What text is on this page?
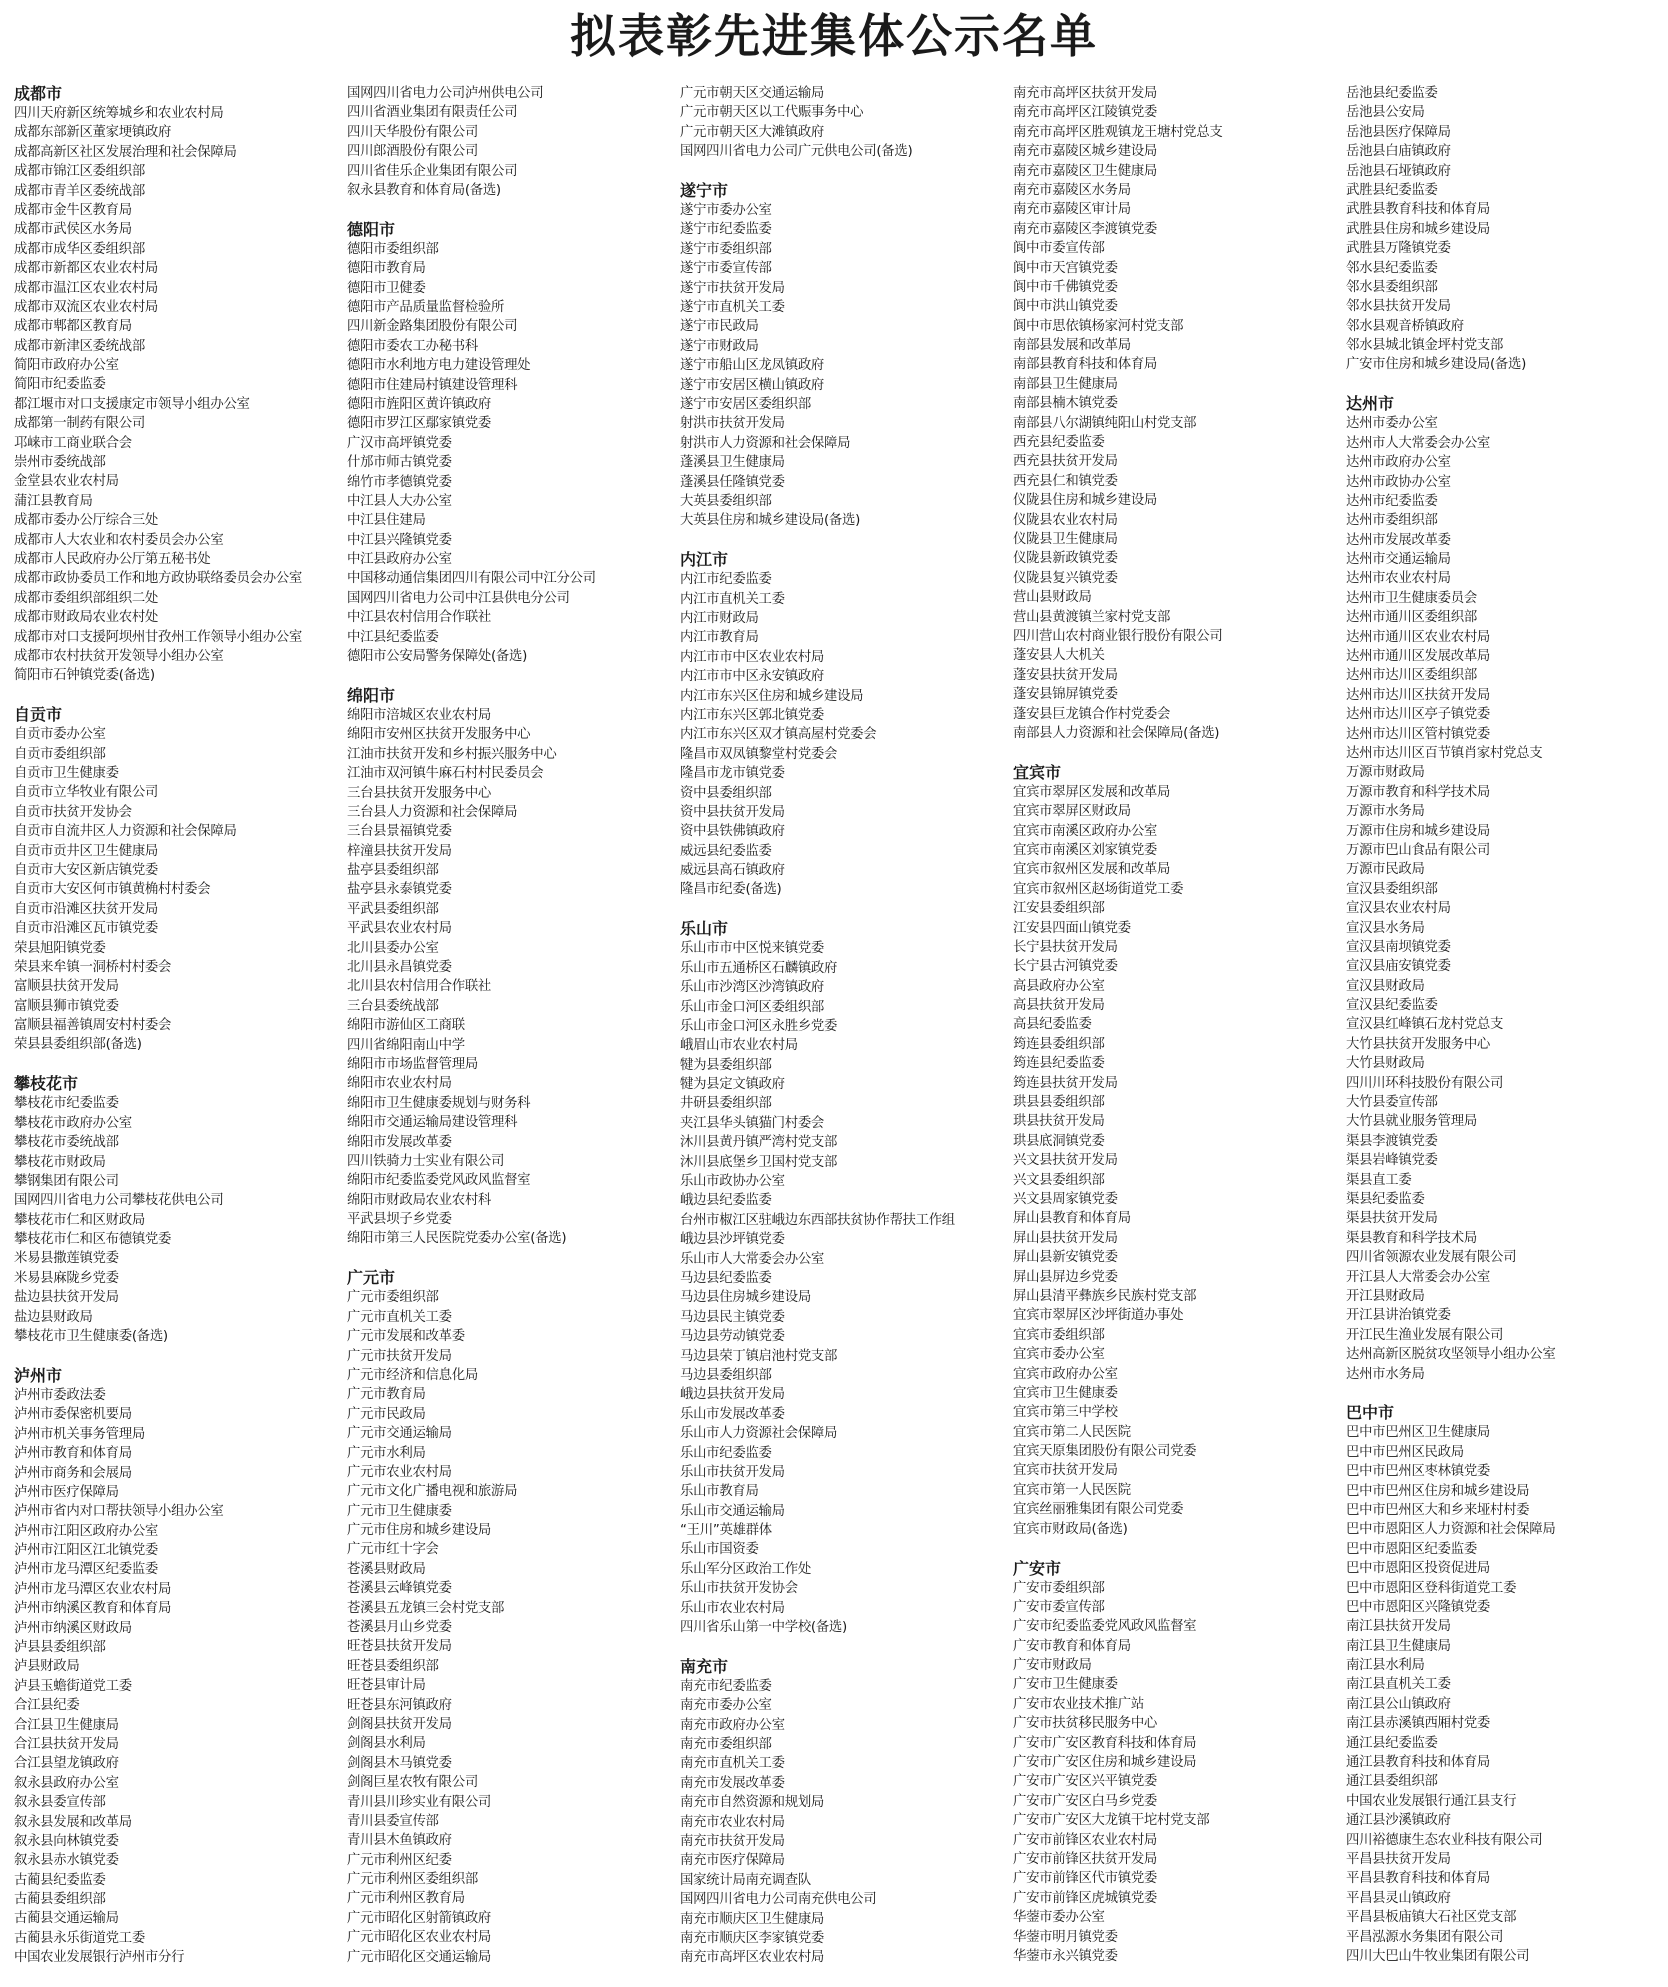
拟表彰先进集体公示名单
成都市
四川天府新区统筹城乡和农业农村局
成都东部新区董家埂镇政府
成都高新区社区发展治理和社会保障局
成都市锦江区委组织部
成都市青羊区委统战部
成都市金牛区教育局
成都市武侯区水务局
成都市成华区委组织部
成都市新都区农业农村局
成都市温江区农业农村局
成都市双流区农业农村局
成都市郫都区教育局
成都市新津区委统战部
简阳市政府办公室
简阳市纪委监委
都江堰市对口支援康定市领导小组办公室
成都第一制药有限公司
邛崃市工商业联合会
崇州市委统战部
金堂县农业农村局
蒲江县教育局
成都市委办公厅综合三处
成都市人大农业和农村委员会办公室
成都市人民政府办公厅第五秘书处
成都市政协委员工作和地方政协联络委员会办公室
成都市委组织部组织二处
成都市财政局农业农村处
成都市对口支援阿坝州甘孜州工作领导小组办公室
成都市农村扶贫开发领导小组办公室
简阳市石钟镇党委(备选)
自贡市
自贡市委办公室
自贡市委组织部
自贡市卫生健康委
自贡市立华牧业有限公司
自贡市扶贫开发协会
自贡市自流井区人力资源和社会保障局
自贡市贡井区卫生健康局
自贡市大安区新店镇党委
自贡市大安区何市镇黄桷村村委会
自贡市沿滩区扶贫开发局
自贡市沿滩区瓦市镇党委
荣县旭阳镇党委
荣县来牟镇一洞桥村村委会
富顺县扶贫开发局
富顺县狮市镇党委
富顺县福善镇周安村村委会
荣县县委组织部(备选)
攀枝花市
攀枝花市纪委监委
攀枝花市政府办公室
攀枝花市委统战部
攀枝花市财政局
攀钢集团有限公司
国网四川省电力公司攀枝花供电公司
攀枝花市仁和区财政局
攀枝花市仁和区布德镇党委
米易县撒莲镇党委
米易县麻陇乡党委
盐边县扶贫开发局
盐边县财政局
攀枝花市卫生健康委(备选)
泸州市
泸州市委政法委
泸州市委保密机要局
泸州市机关事务管理局
泸州市教育和体育局
泸州市商务和会展局
泸州市医疗保障局
泸州市省内对口帮扶领导小组办公室
泸州市江阳区政府办公室
泸州市江阳区江北镇党委
泸州市龙马潭区纪委监委
泸州市龙马潭区农业农村局
泸州市纳溪区教育和体育局
泸州市纳溪区财政局
泸县县委组织部
泸县财政局
泸县玉蟾街道党工委
合江县纪委
合江县卫生健康局
合江县扶贫开发局
合江县望龙镇政府
叙永县政府办公室
叙永县委宣传部
叙永县发展和改革局
叙永县向林镇党委
叙永县赤水镇党委
古蔺县纪委监委
古蔺县委组织部
古蔺县交通运输局
古蔺县永乐街道党工委
中国农业发展银行泸州市分行
国网四川省电力公司泸州供电公司
四川省酒业集团有限责任公司
四川天华股份有限公司
四川郎酒股份有限公司
四川省佳乐企业集团有限公司
叙永县教育和体育局(备选)
德阳市
德阳市委组织部
德阳市教育局
德阳市卫健委
德阳市产品质量监督检验所
四川新金路集团股份有限公司
德阳市委农工办秘书科
德阳市水利地方电力建设管理处
德阳市住建局村镇建设管理科
德阳市旌阳区黄许镇政府
德阳市罗江区鄢家镇党委
广汉市高坪镇党委
什邡市师古镇党委
绵竹市孝德镇党委
中江县人大办公室
中江县住建局
中江县兴隆镇党委
中江县政府办公室
中国移动通信集团四川有限公司中江分公司
国网四川省电力公司中江县供电分公司
中江县农村信用合作联社
中江县纪委监委
德阳市公安局警务保障处(备选)
绵阳市
绵阳市涪城区农业农村局
绵阳市安州区扶贫开发服务中心
江油市扶贫开发和乡村振兴服务中心
江油市双河镇牛麻石村村民委员会
三台县扶贫开发服务中心
三台县人力资源和社会保障局
三台县景福镇党委
梓潼县扶贫开发局
盐亭县委组织部
盐亭县永泰镇党委
平武县委组织部
平武县农业农村局
北川县委办公室
北川县永昌镇党委
北川县农村信用合作联社
三台县委统战部
绵阳市游仙区工商联
四川省绵阳南山中学
绵阳市市场监督管理局
绵阳市农业农村局
绵阳市卫生健康委规划与财务科
绵阳市交通运输局建设管理科
绵阳市发展改革委
四川铁骑力士实业有限公司
绵阳市纪委监委党风政风监督室
绵阳市财政局农业农村科
平武县坝子乡党委
绵阳市第三人民医院党委办公室(备选)
广元市
广元市委组织部
广元市直机关工委
广元市发展和改革委
广元市扶贫开发局
广元市经济和信息化局
广元市教育局
广元市民政局
广元市交通运输局
广元市水利局
广元市农业农村局
广元市文化广播电视和旅游局
广元市卫生健康委
广元市住房和城乡建设局
广元市红十字会
苍溪县财政局
苍溪县云峰镇党委
苍溪县五龙镇三会村党支部
苍溪县月山乡党委
旺苍县扶贫开发局
旺苍县委组织部
旺苍县审计局
旺苍县东河镇政府
剑阁县扶贫开发局
剑阁县水利局
剑阁县木马镇党委
剑阁巨星农牧有限公司
青川县川珍实业有限公司
青川县委宣传部
青川县木鱼镇政府
广元市利州区纪委
广元市利州区委组织部
广元市利州区教育局
广元市昭化区射箭镇政府
广元市昭化区农业农村局
广元市昭化区交通运输局
广元市朝天区交通运输局
广元市朝天区以工代赈事务中心
广元市朝天区大滩镇政府
国网四川省电力公司广元供电公司(备选)
遂宁市
遂宁市委办公室
遂宁市纪委监委
遂宁市委组织部
遂宁市委宣传部
遂宁市扶贫开发局
遂宁市直机关工委
遂宁市民政局
遂宁市财政局
遂宁市船山区龙凤镇政府
遂宁市安居区横山镇政府
遂宁市安居区委组织部
射洪市扶贫开发局
射洪市人力资源和社会保障局
蓬溪县卫生健康局
蓬溪县任隆镇党委
大英县委组织部
大英县住房和城乡建设局(备选)
内江市
内江市纪委监委
内江市直机关工委
内江市财政局
内江市教育局
内江市市中区农业农村局
内江市市中区永安镇政府
内江市东兴区住房和城乡建设局
内江市东兴区郭北镇党委
内江市东兴区双才镇高屋村党委会
隆昌市双凤镇黎堂村党委会
隆昌市龙市镇党委
资中县委组织部
资中县扶贫开发局
资中县铁佛镇政府
威远县纪委监委
威远县高石镇政府
隆昌市纪委(备选)
乐山市
乐山市市中区悦来镇党委
乐山市五通桥区石麟镇政府
乐山市沙湾区沙湾镇政府
乐山市金口河区委组织部
乐山市金口河区永胜乡党委
峨眉山市农业农村局
犍为县委组织部
犍为县定文镇政府
井研县委组织部
夹江县华头镇猫门村委会
沐川县黄丹镇严湾村党支部
沐川县底堡乡卫国村党支部
乐山市政协办公室
峨边县纪委监委
台州市椒江区驻峨边东西部扶贫协作帮扶工作组
峨边县沙坪镇党委
乐山市人大常委会办公室
马边县纪委监委
马边县住房城乡建设局
马边县民主镇党委
马边县劳动镇党委
马边县荣丁镇启池村党支部
马边县委组织部
峨边县扶贫开发局
乐山市发展改革委
乐山市人力资源社会保障局
乐山市纪委监委
乐山市扶贫开发局
乐山市教育局
乐山市交通运输局
“王川”英雄群体
乐山市国资委
乐山军分区政治工作处
乐山市扶贫开发协会
乐山市农业农村局
四川省乐山第一中学校(备选)
南充市
南充市纪委监委
南充市委办公室
南充市政府办公室
南充市委组织部
南充市直机关工委
南充市发展改革委
南充市自然资源和规划局
南充市农业农村局
南充市扶贫开发局
南充市医疗保障局
国家统计局南充调查队
国网四川省电力公司南充供电公司
南充市顺庆区卫生健康局
南充市顺庆区李家镇党委
南充市高坪区农业农村局
南充市高坪区扶贫开发局
南充市高坪区江陵镇党委
南充市高坪区胜观镇龙王塘村党总支
南充市嘉陵区城乡建设局
南充市嘉陵区卫生健康局
南充市嘉陵区水务局
南充市嘉陵区审计局
南充市嘉陵区李渡镇党委
阆中市委宣传部
阆中市天宫镇党委
阆中市千佛镇党委
阆中市洪山镇党委
阆中市思依镇杨家河村党支部
南部县发展和改革局
南部县教育科技和体育局
南部县卫生健康局
南部县楠木镇党委
南部县八尔湖镇纯阳山村党支部
西充县纪委监委
西充县扶贫开发局
西充县仁和镇党委
仪陇县住房和城乡建设局
仪陇县农业农村局
仪陇县卫生健康局
仪陇县新政镇党委
仪陇县复兴镇党委
营山县财政局
营山县黄渡镇兰家村党支部
四川营山农村商业银行股份有限公司
蓬安县人大机关
蓬安县扶贫开发局
蓬安县锦屏镇党委
蓬安县巨龙镇合作村党委会
南部县人力资源和社会保障局(备选)
宜宾市
宜宾市翠屏区发展和改革局
宜宾市翠屏区财政局
宜宾市南溪区政府办公室
宜宾市南溪区刘家镇党委
宜宾市叙州区发展和改革局
宜宾市叙州区赵场街道党工委
江安县委组织部
江安县四面山镇党委
长宁县扶贫开发局
长宁县古河镇党委
高县政府办公室
高县扶贫开发局
高县纪委监委
筠连县委组织部
筠连县纪委监委
筠连县扶贫开发局
珙县县委组织部
珙县扶贫开发局
珙县底洞镇党委
兴文县扶贫开发局
兴文县委组织部
兴文县周家镇党委
屏山县教育和体育局
屏山县扶贫开发局
屏山县新安镇党委
屏山县屏边乡党委
屏山县清平彝族乡民族村党支部
宜宾市翠屏区沙坪街道办事处
宜宾市委组织部
宜宾市委办公室
宜宾市政府办公室
宜宾市卫生健康委
宜宾市第三中学校
宜宾市第二人民医院
宜宾天原集团股份有限公司党委
宜宾市扶贫开发局
宜宾市第一人民医院
宜宾丝丽雅集团有限公司党委
宜宾市财政局(备选)
广安市
广安市委组织部
广安市委宣传部
广安市纪委监委党风政风监督室
广安市教育和体育局
广安市财政局
广安市卫生健康委
广安市农业技术推广站
广安市扶贫移民服务中心
广安市广安区教育科技和体育局
广安市广安区住房和城乡建设局
广安市广安区兴平镇党委
广安市广安区白马乡党委
广安市广安区大龙镇干坨村党支部
广安市前锋区农业农村局
广安市前锋区扶贫开发局
广安市前锋区代市镇党委
广安市前锋区虎城镇党委
华蓥市委办公室
华蓥市明月镇党委
华蓥市永兴镇党委
岳池县纪委监委
岳池县公安局
岳池县医疗保障局
岳池县白庙镇政府
岳池县石垭镇政府
武胜县纪委监委
武胜县教育科技和体育局
武胜县住房和城乡建设局
武胜县万隆镇党委
邻水县纪委监委
邻水县委组织部
邻水县扶贫开发局
邻水县观音桥镇政府
邻水县城北镇金坪村党支部
广安市住房和城乡建设局(备选)
达州市
达州市委办公室
达州市人大常委会办公室
达州市政府办公室
达州市政协办公室
达州市纪委监委
达州市委组织部
达州市发展改革委
达州市交通运输局
达州市农业农村局
达州市卫生健康委员会
达州市通川区委组织部
达州市通川区农业农村局
达州市通川区发展改革局
达州市达川区委组织部
达州市达川区扶贫开发局
达州市达川区亭子镇党委
达州市达川区管村镇党委
达州市达川区百节镇肖家村党总支
万源市财政局
万源市教育和科学技术局
万源市水务局
万源市住房和城乡建设局
万源市巴山食品有限公司
万源市民政局
宣汉县委组织部
宣汉县农业农村局
宣汉县水务局
宣汉县南坝镇党委
宣汉县庙安镇党委
宣汉县财政局
宣汉县纪委监委
宣汉县红峰镇石龙村党总支
大竹县扶贫开发服务中心
大竹县财政局
四川川环科技股份有限公司
大竹县委宣传部
大竹县就业服务管理局
渠县李渡镇党委
渠县岩峰镇党委
渠县直工委
渠县纪委监委
渠县扶贫开发局
渠县教育和科学技术局
四川省领源农业发展有限公司
开江县人大常委会办公室
开江县财政局
开江县讲治镇党委
开江民生渔业发展有限公司
达州高新区脱贫攻坚领导小组办公室
达州市水务局
巴中市
巴中市巴州区卫生健康局
巴中市巴州区民政局
巴中市巴州区枣林镇党委
巴中市巴州区住房和城乡建设局
巴中市巴州区大和乡来垭村村委
巴中市恩阳区人力资源和社会保障局
巴中市恩阳区纪委监委
巴中市恩阳区投资促进局
巴中市恩阳区登科街道党工委
巴中市恩阳区兴隆镇党委
南江县扶贫开发局
南江县卫生健康局
南江县水利局
南江县直机关工委
南江县公山镇政府
南江县赤溪镇西厢村党委
通江县纪委监委
通江县教育科技和体育局
通江县委组织部
中国农业发展银行通江县支行
通江县沙溪镇政府
四川裕德康生态农业科技有限公司
平昌县扶贫开发局
平昌县教育科技和体育局
平昌县灵山镇政府
平昌县板庙镇大石社区党支部
平昌泓源水务集团有限公司
四川大巴山牛牧业集团有限公司
